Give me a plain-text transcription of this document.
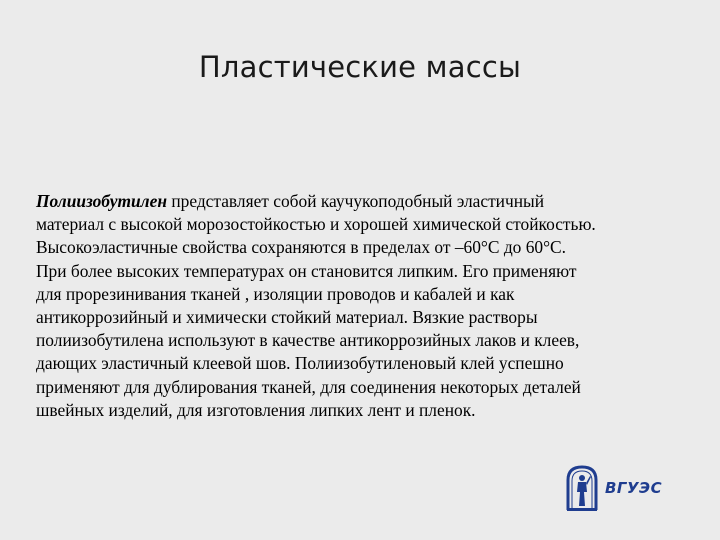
Пластические массы
Полиизобутилен представляет собой каучукоподобный эластичный
материал с высокой морозостойкостью и хорошей химической стойкостью.
Высокоэластичные свойства сохраняются в пределах от –60°С до 60°С.
При более высоких температурах он становится липким. Его применяют
для прорезинивания тканей , изоляции проводов и кабалей и как
антикоррозийный и химически стойкий материал. Вязкие растворы
полиизобутилена используют в качестве антикоррозийных лаков и клеев,
дающих эластичный клеевой шов. Полиизобутиленовый клей успешно
применяют для дублирования тканей, для соединения некоторых деталей
швейных изделий, для изготовления липких лент и пленок.
ВГУЭС
